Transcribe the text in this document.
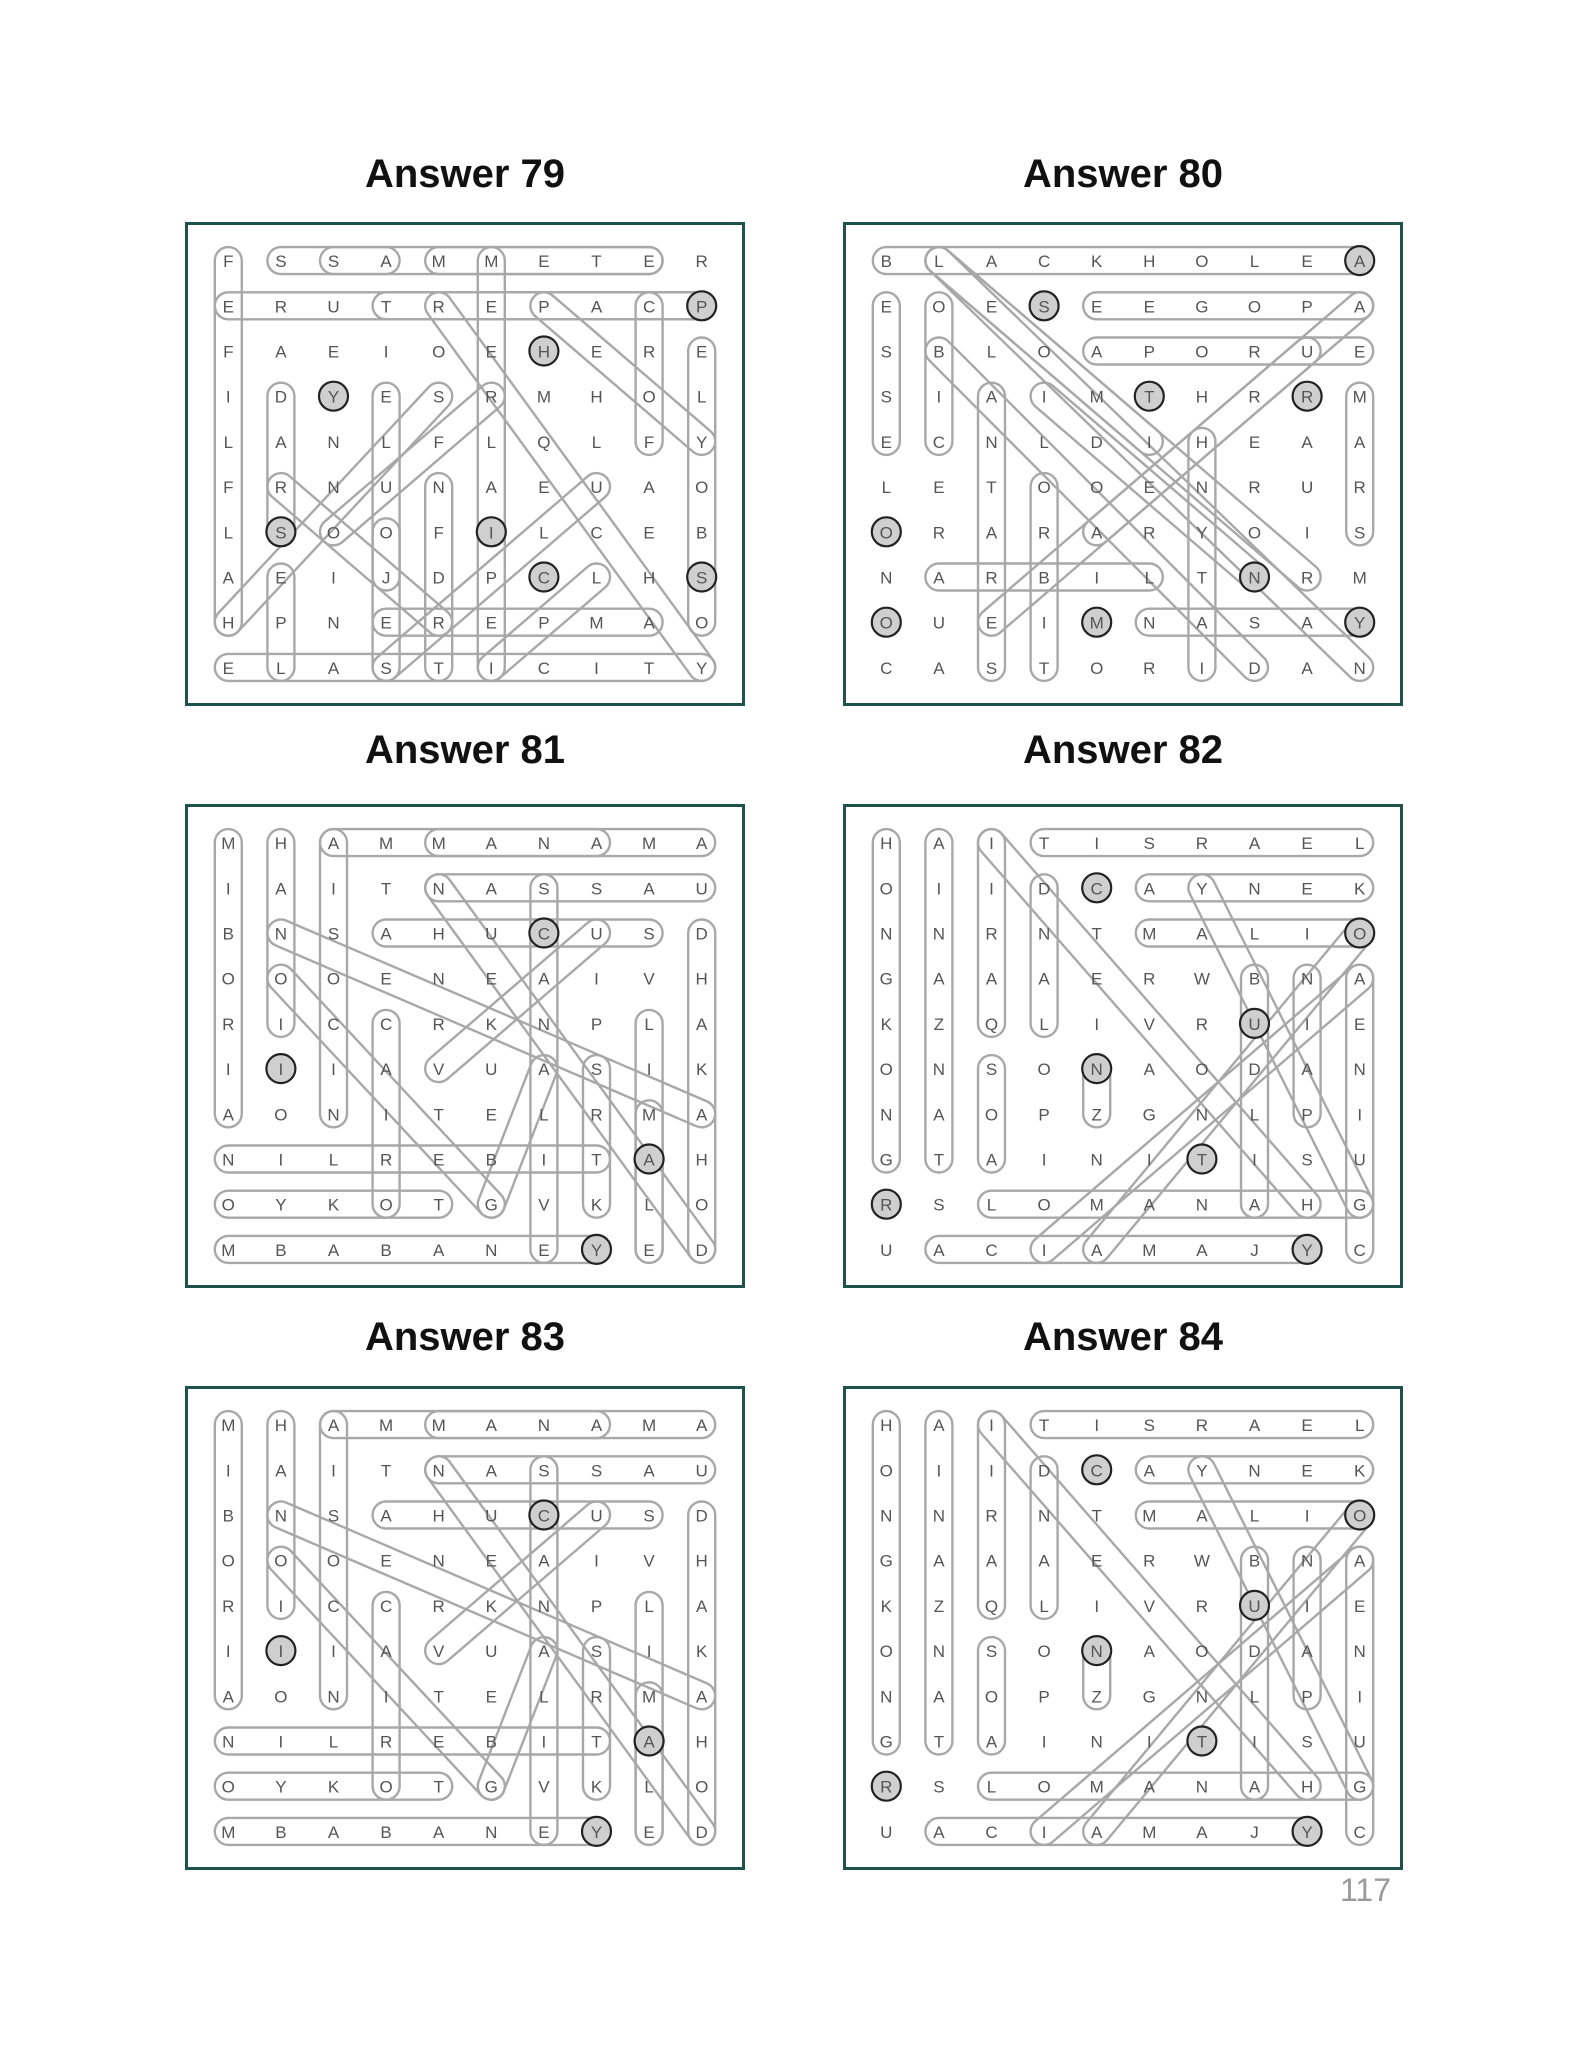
Answer 79	Answer 80
Answer 81	Answer 82
Answer 83	Answer 84
F S S A M M E T E R
E R U T R E P A C P
F A E	I	O E H E R E
I	D Y E S R M H O L
L A N L	F	L Q L	F Y
F R N U N A E U A O
L S O O F	I	L C E B
A E	I	J D P C L H S
H P N E R E P M A O
E L A S T	I	C	I	T Y
B L A C K H O L E A
E O E S E E G O P A
S B L O A P O R U E
S	I	A	I	M T H R R M
E C N L D	I	H E A A
L E T O O E N R U R
O R A R A R Y O	I	S
N A R B	I	L	T N R M
O U E	I	M N A S A Y
C A S T O R	I	D A N
M H A M M A N A M A
I	A	I	T N A S S A U
B N S A H U C U S D
O O O E N E A	I	V H
R	I	C C R K N P L A
I	I	I	A V U A S	I	K
A O N	I	T E L R M A
N	I	L R E B	I	T A H
O Y K O T G V K L O
M B A B A N E Y E D
H A	I	T	I	S R A E L
O	I	I	D C A Y N E K
N N R N T M A L	I	O
G A A A E R W B N A
K Z Q L	I	V R U	I	E
O N S O N A O D A N
N A O P Z G N L P	I
G T A	I	N	I	T	I	S U
R S L O M A N A H G
U A C	I	A M A	J	Y C
M H A M M A N A M A
I	A	I	T N A S S A U
B N S A H U C U S D
O O O E N E A	I	V H
R	I	C C R K N P L A
I	I	I	A V U A S	I	K
A O N	I	T E L R M A
N	I	L R E B	I	T A H
O Y K O T G V K L O
M B A B A N E Y E D
H A	I	T	I	S R A E L
O	I	I	D C A Y N E K
N N R N T M A L	I	O
G A A A E R W B N A
K Z Q L	I	V R U	I	E
O N S O N A O D A N
N A O P Z G N L P	I
G T A	I	N	I	T	I	S U
R S L O M A N A H G
U A C	I	A M A	J	Y C
117
